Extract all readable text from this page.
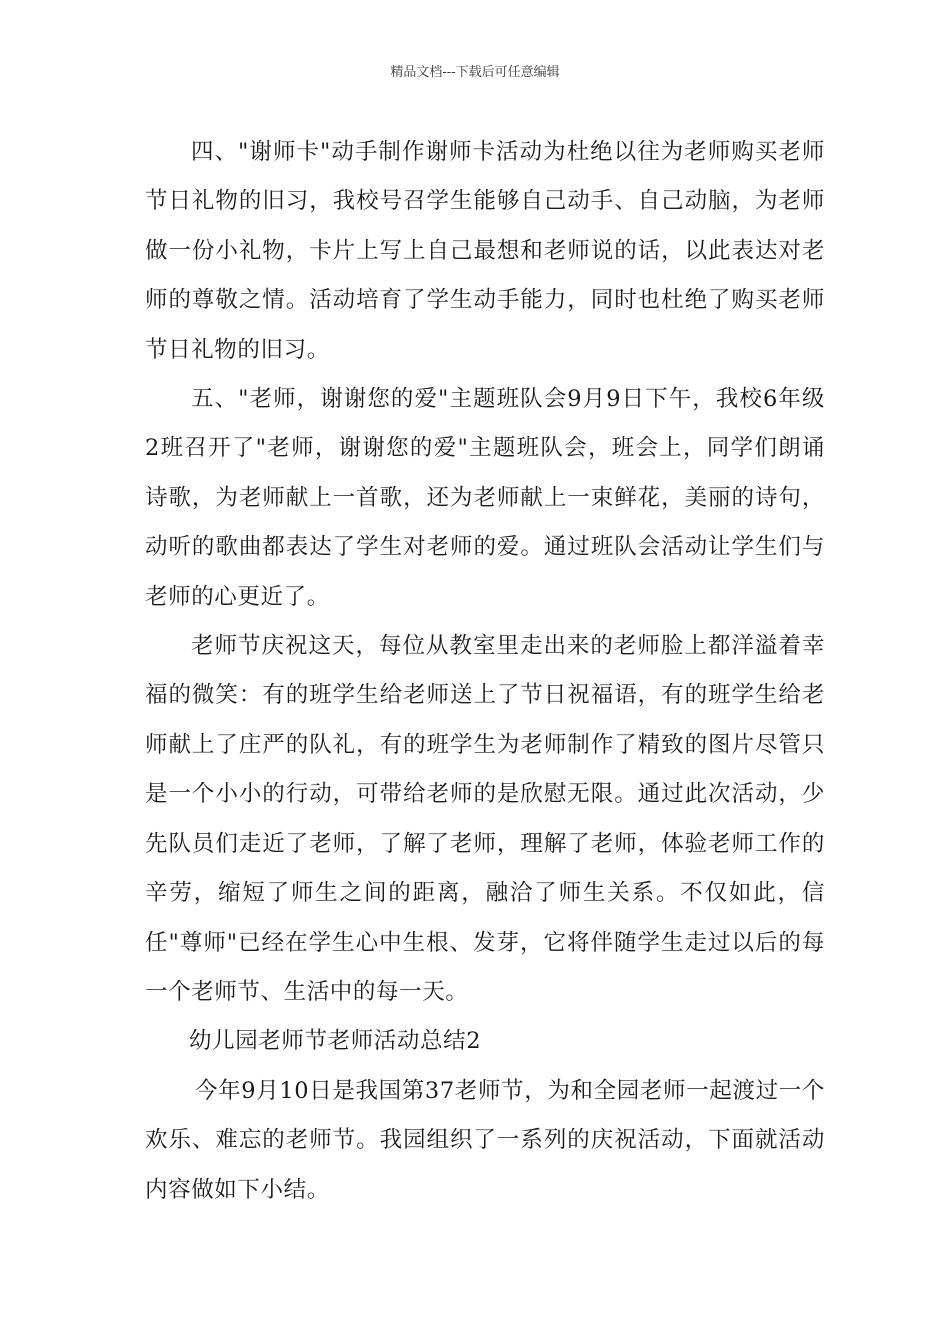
精品文档---下载后可任意编辑

四、"谢师卡"动手制作谢师卡活动为杜绝以往为老师购买老师节日礼物的旧习，我校号召学生能够自己动手、自己动脑，为老师做一份小礼物，卡片上写上自己最想和老师说的话，以此表达对老师的尊敬之情。活动培育了学生动手能力，同时也杜绝了购买老师节日礼物的旧习。

五、"老师，谢谢您的爱"主题班队会9月9日下午，我校6年级2班召开了"老师，谢谢您的爱"主题班队会，班会上，同学们朗诵诗歌，为老师献上一首歌，还为老师献上一束鲜花，美丽的诗句，动听的歌曲都表达了学生对老师的爱。通过班队会活动让学生们与老师的心更近了。

老师节庆祝这天，每位从教室里走出来的老师脸上都洋溢着幸福的微笑：有的班学生给老师送上了节日祝福语，有的班学生给老师献上了庄严的队礼，有的班学生为老师制作了精致的图片尽管只是一个小小的行动，可带给老师的是欣慰无限。通过此次活动，少先队员们走近了老师，了解了老师，理解了老师，体验老师工作的辛劳，缩短了师生之间的距离，融洽了师生关系。不仅如此，信任"尊师"已经在学生心中生根、发芽，它将伴随学生走过以后的每一个老师节、生活中的每一天。

幼儿园老师节老师活动总结2

今年9月10日是我国第37老师节，为和全园老师一起渡过一个欢乐、难忘的老师节。我园组织了一系列的庆祝活动，下面就活动内容做如下小结。
